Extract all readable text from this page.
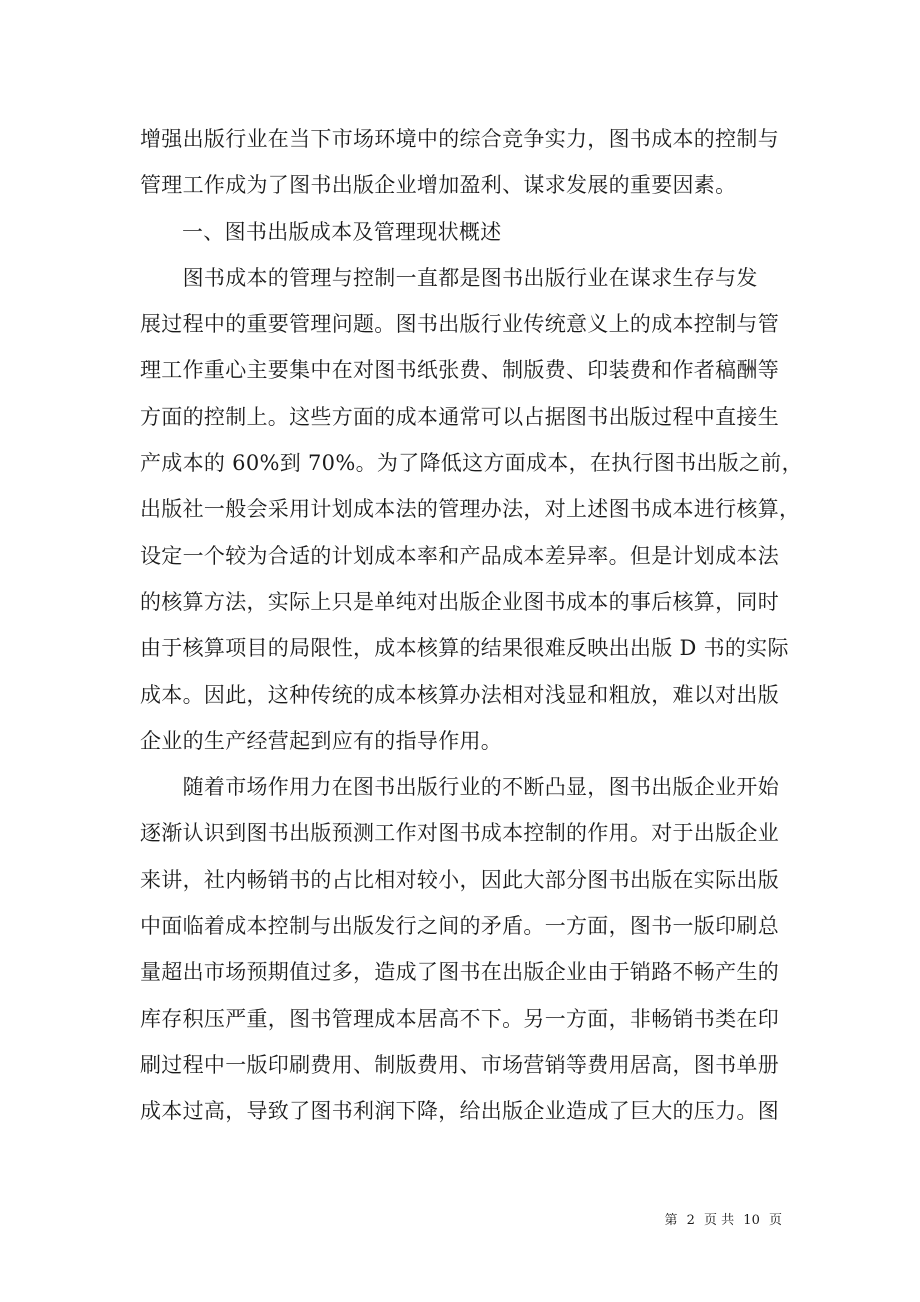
增强出版行业在当下市场环境中的综合竞争实力，图书成本的控制与
管理工作成为了图书出版企业增加盈利、谋求发展的重要因素。
一、图书出版成本及管理现状概述
　　图书成本的管理与控制一直都是图书出版行业在谋求生存与发
展过程中的重要管理问题。图书出版行业传统意义上的成本控制与管
理工作重心主要集中在对图书纸张费、制版费、印装费和作者稿酬等
方面的控制上。这些方面的成本通常可以占据图书出版过程中直接生
产成本的 60%到 70%。为了降低这方面成本，在执行图书出版之前，
出版社一般会采用计划成本法的管理办法，对上述图书成本进行核算，
设定一个较为合适的计划成本率和产品成本差异率。但是计划成本法
的核算方法，实际上只是单纯对出版企业图书成本的事后核算，同时
由于核算项目的局限性，成本核算的结果很难反映出出版 D 书的实际
成本。因此，这种传统的成本核算办法相对浅显和粗放，难以对出版
企业的生产经营起到应有的指导作用。
　　随着市场作用力在图书出版行业的不断凸显，图书出版企业开始
逐渐认识到图书出版预测工作对图书成本控制的作用。对于出版企业
来讲，社内畅销书的占比相对较小，因此大部分图书出版在实际出版
中面临着成本控制与出版发行之间的矛盾。一方面，图书一版印刷总
量超出市场预期值过多，造成了图书在出版企业由于销路不畅产生的
库存积压严重，图书管理成本居高不下。另一方面，非畅销书类在印
刷过程中一版印刷费用、制版费用、市场营销等费用居高，图书单册
成本过高，导致了图书利润下降，给出版企业造成了巨大的压力。图
第 2 页 共 10 页
